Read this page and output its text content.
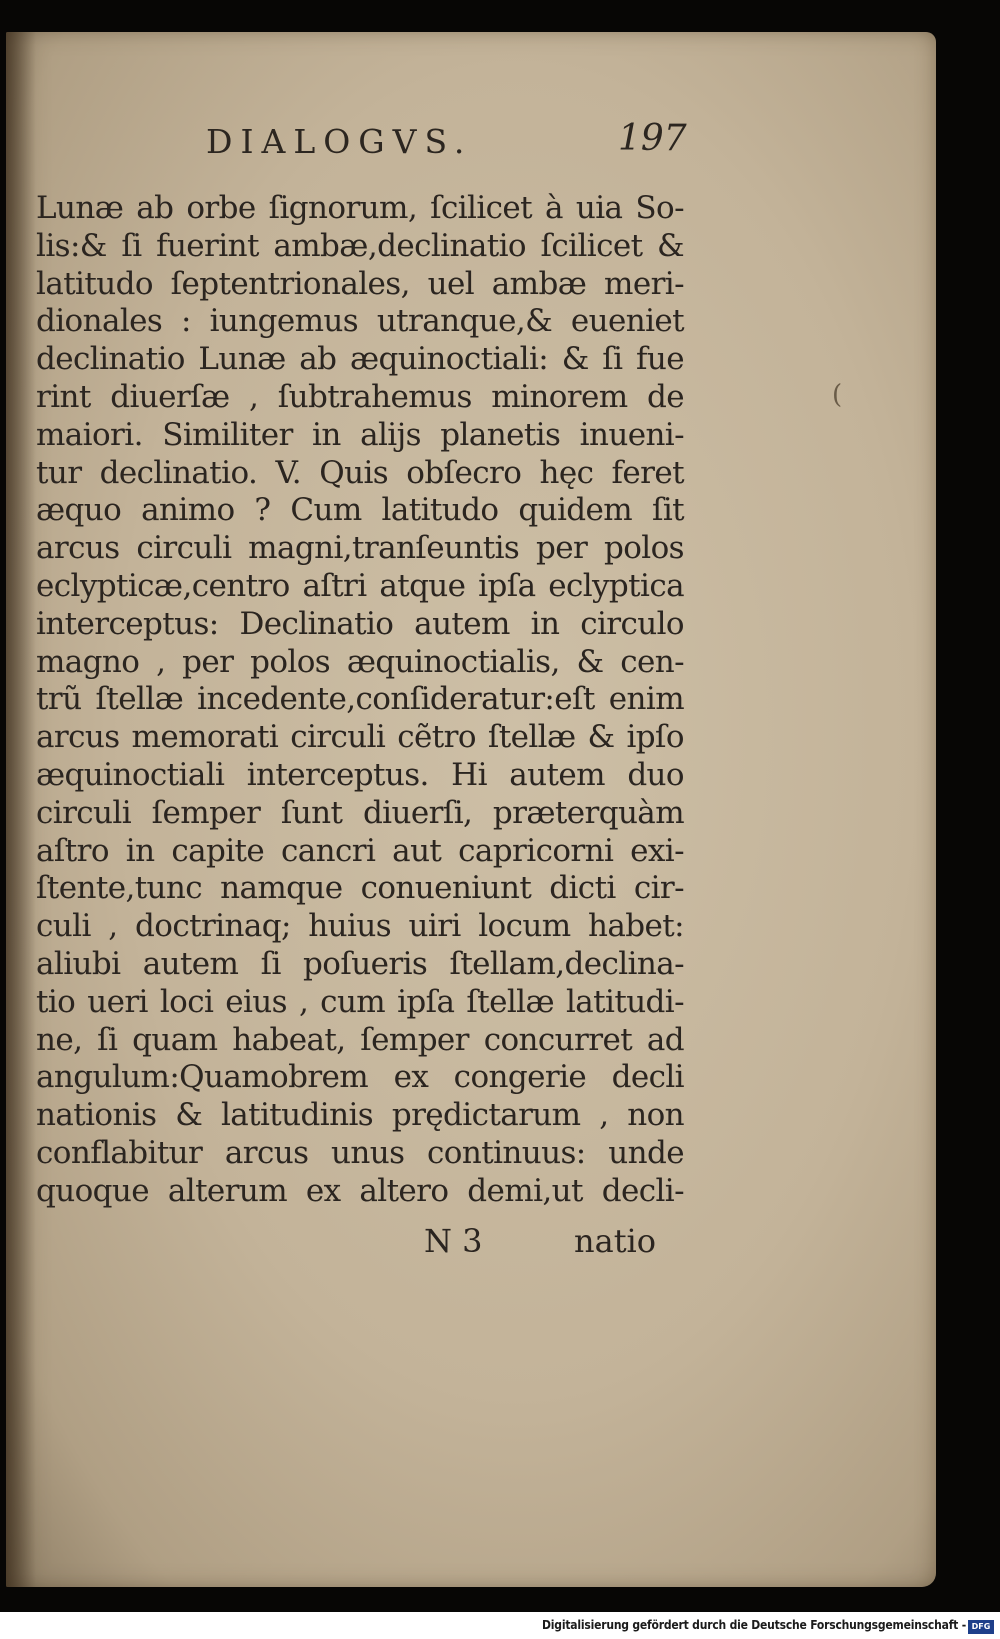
DIALOGVS.	197
Lunæ ab orbe ſignorum, ſcilicet à uia So-
lis:& ſi fuerint ambæ,declinatio ſcilicet &
latitudo ſeptentrionales, uel ambæ meri-
dionales : iungemus utranque,& eueniet
declinatio Lunæ ab æquinoctiali: & ſi fue
rint diuerſæ , ſubtrahemus minorem de
maiori. Similiter in alijs planetis inueni-
tur declinatio. V. Quis obſecro hęc feret
æquo animo ? Cum latitudo quidem ſit
arcus circuli magni,tranſeuntis per polos
eclypticæ,centro aſtri atque ipſa eclyptica
interceptus: Declinatio autem in circulo
magno , per polos æquinoctialis, & cen-
trũ ſtellæ incedente,conſideratur:eſt enim
arcus memorati circuli cẽtro ſtellæ & ipſo
æquinoctiali interceptus. Hi autem duo
circuli ſemper ſunt diuerſi, præterquàm
aſtro in capite cancri aut capricorni exi-
ſtente,tunc namque conueniunt dicti cir-
culi , doctrinaq; huius uiri locum habet:
aliubi autem ſi poſueris ſtellam,declina-
tio ueri loci eius , cum ipſa ſtellæ latitudi-
ne, ſi quam habeat, ſemper concurret ad
angulum:Quamobrem ex congerie decli
nationis & latitudinis prędictarum , non
conflabitur arcus unus continuus: unde
quoque alterum ex altero demi,ut decli-
N 3	natio
(
Digitalisierung gefördert durch die Deutsche Forschungsgemeinschaft - DFG
